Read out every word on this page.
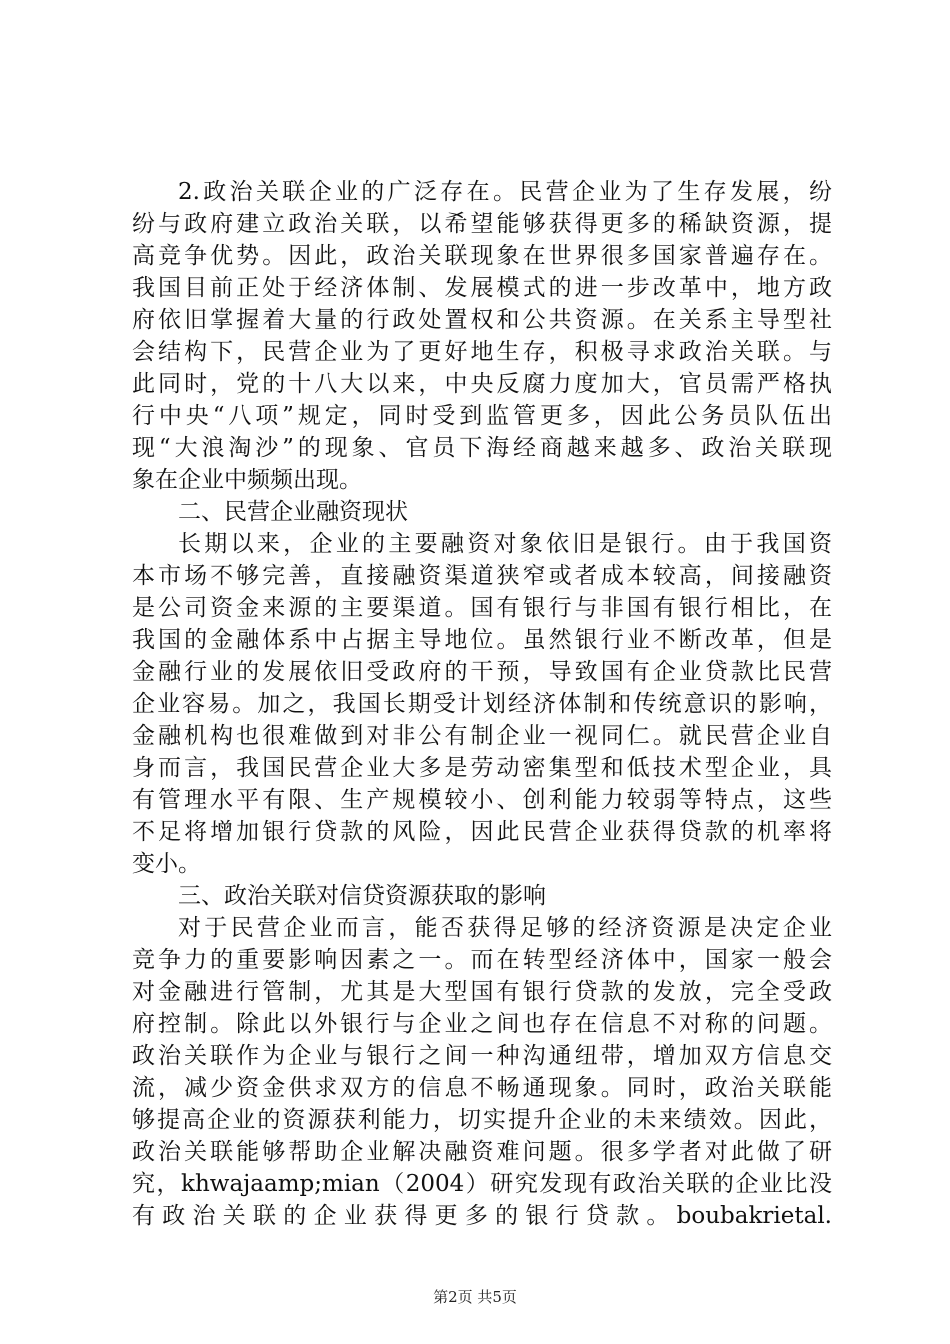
2.政治关联企业的广泛存在。民营企业为了生存发展，纷
纷与政府建立政治关联，以希望能够获得更多的稀缺资源，提
高竞争优势。因此，政治关联现象在世界很多国家普遍存在。
我国目前正处于经济体制、发展模式的进一步改革中，地方政
府依旧掌握着大量的行政处置权和公共资源。在关系主导型社
会结构下，民营企业为了更好地生存，积极寻求政治关联。与
此同时，党的十八大以来，中央反腐力度加大，官员需严格执
行中央“八项”规定，同时受到监管更多，因此公务员队伍出
现“大浪淘沙”的现象、官员下海经商越来越多、政治关联现
象在企业中频频出现。
二、民营企业融资现状
长期以来，企业的主要融资对象依旧是银行。由于我国资
本市场不够完善，直接融资渠道狭窄或者成本较高，间接融资
是公司资金来源的主要渠道。国有银行与非国有银行相比，在
我国的金融体系中占据主导地位。虽然银行业不断改革，但是
金融行业的发展依旧受政府的干预，导致国有企业贷款比民营
企业容易。加之，我国长期受计划经济体制和传统意识的影响，
金融机构也很难做到对非公有制企业一视同仁。就民营企业自
身而言，我国民营企业大多是劳动密集型和低技术型企业，具
有管理水平有限、生产规模较小、创利能力较弱等特点，这些
不足将增加银行贷款的风险，因此民营企业获得贷款的机率将
变小。
三、政治关联对信贷资源获取的影响
对于民营企业而言，能否获得足够的经济资源是决定企业
竞争力的重要影响因素之一。而在转型经济体中，国家一般会
对金融进行管制，尤其是大型国有银行贷款的发放，完全受政
府控制。除此以外银行与企业之间也存在信息不对称的问题。
政治关联作为企业与银行之间一种沟通纽带，增加双方信息交
流，减少资金供求双方的信息不畅通现象。同时，政治关联能
够提高企业的资源获利能力，切实提升企业的未来绩效。因此，
政治关联能够帮助企业解决融资难问题。很多学者对此做了研
究，khwajaamp;mian（2004）研究发现有政治关联的企业比没
有政治关联的企业获得更多的银行贷款。boubakrietal.
第2页 共5页
